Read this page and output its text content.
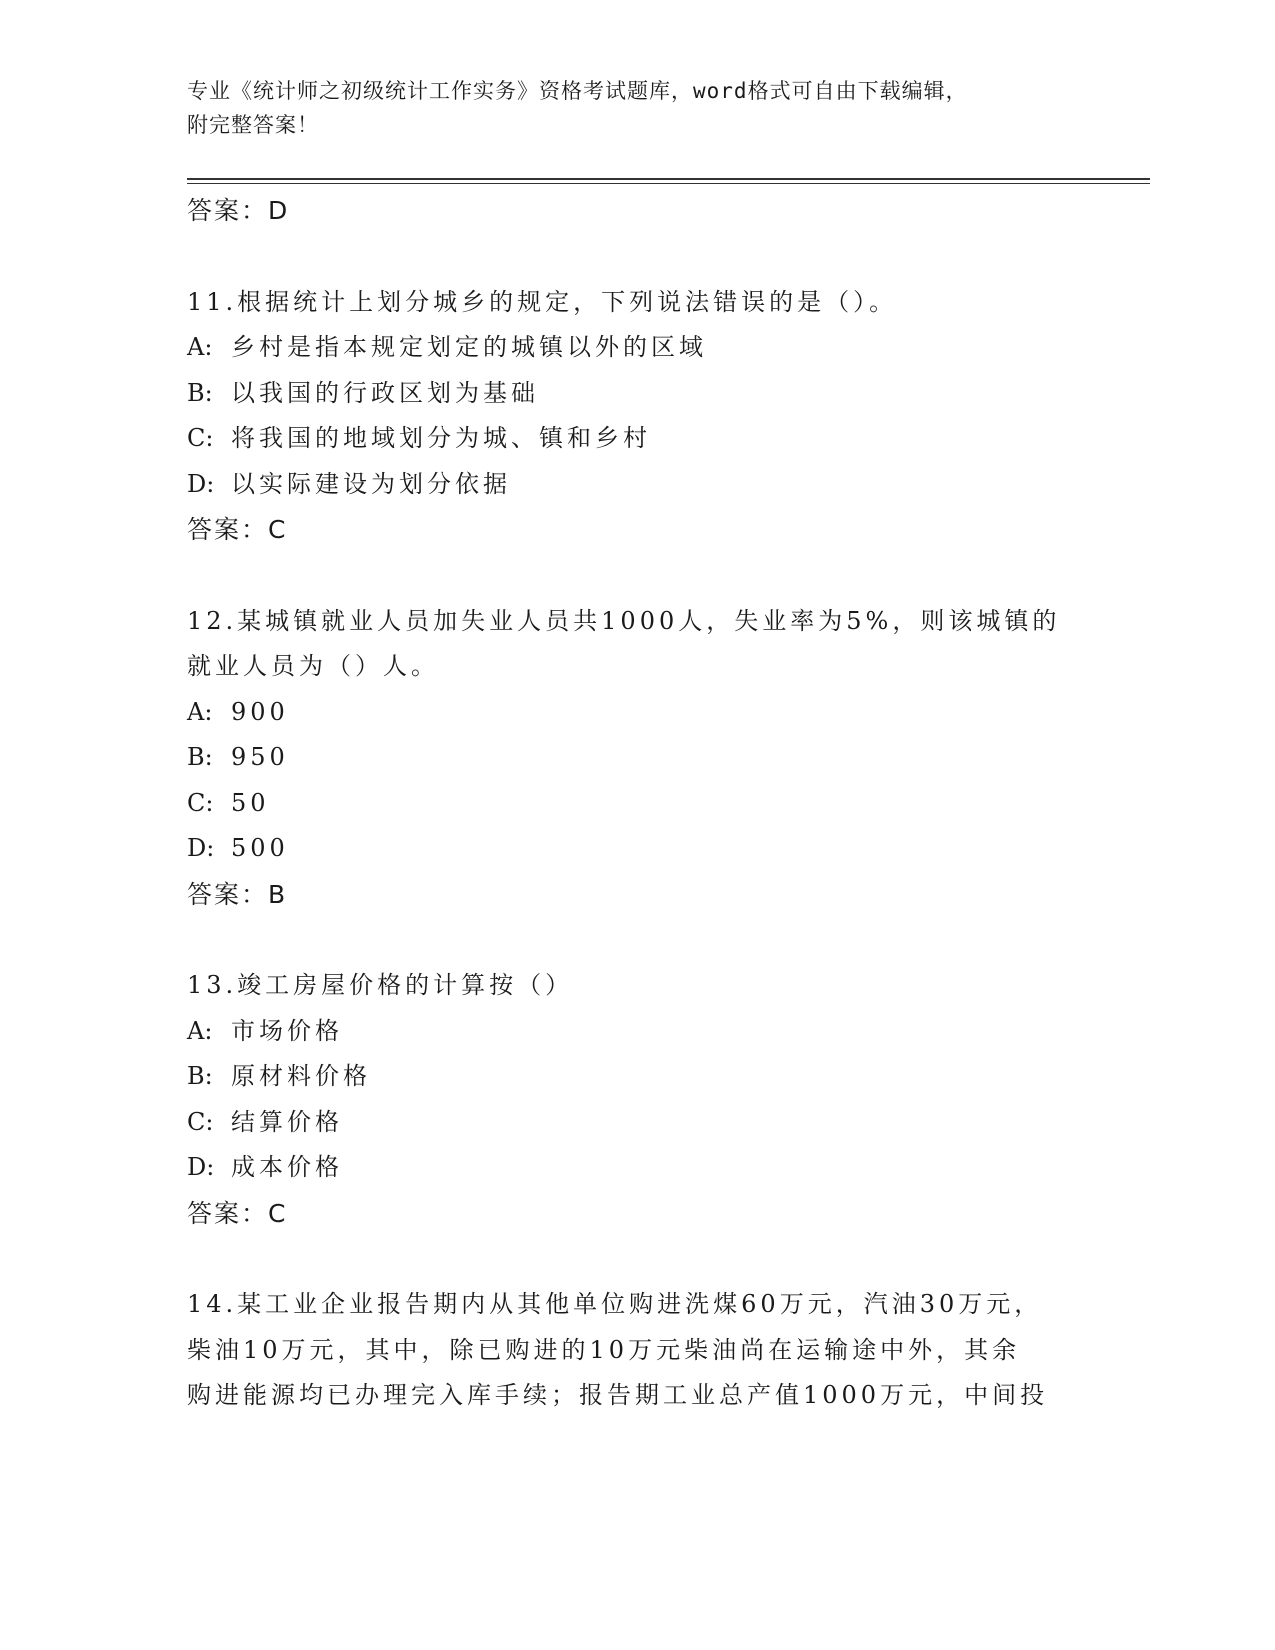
专业《统计师之初级统计工作实务》资格考试题库，word格式可自由下载编辑，
附完整答案！
答案：D
11.根据统计上划分城乡的规定，下列说法错误的是（）。
A: 乡村是指本规定划定的城镇以外的区域
B: 以我国的行政区划为基础
C: 将我国的地域划分为城、镇和乡村
D: 以实际建设为划分依据
答案：C
12.某城镇就业人员加失业人员共1000人，失业率为5%，则该城镇的
就业人员为（）人。
A: 900
B: 950
C: 50
D: 500
答案：B
13.竣工房屋价格的计算按（）
A: 市场价格
B: 原材料价格
C: 结算价格
D: 成本价格
答案：C
14.某工业企业报告期内从其他单位购进洗煤60万元，汽油30万元，
柴油10万元，其中，除已购进的10万元柴油尚在运输途中外，其余
购进能源均已办理完入库手续；报告期工业总产值1000万元，中间投
